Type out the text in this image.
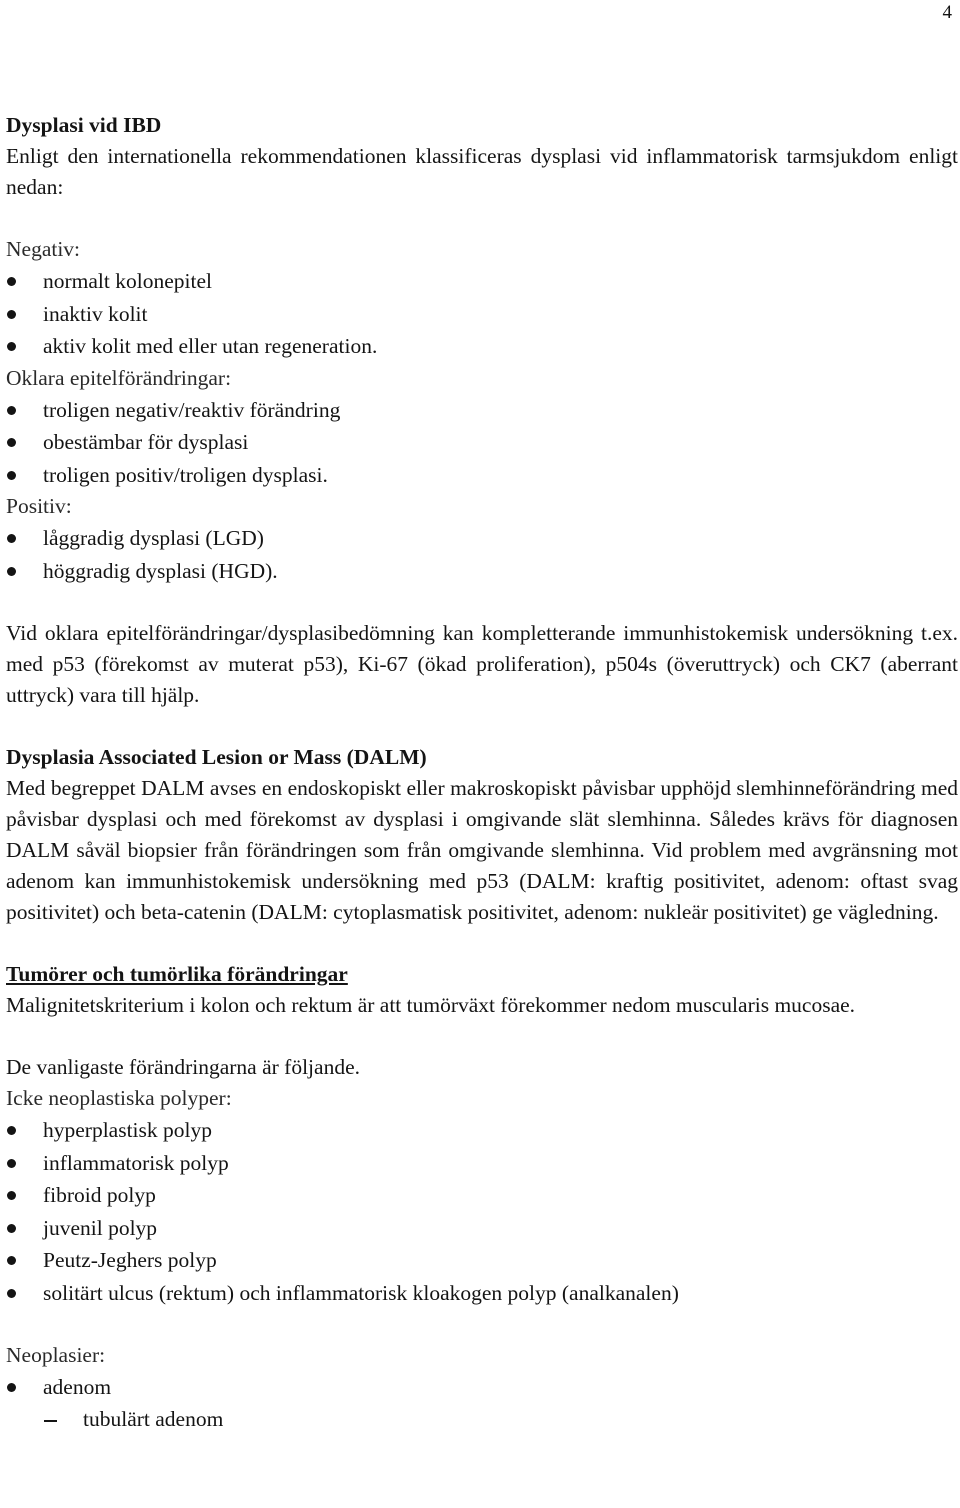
4

Dysplasi vid IBD

Enligt den internationella rekommendationen klassificeras dysplasi vid inflammatorisk tarmsjukdom enligt nedan:

Negativ:

normalt kolonepitel
inaktiv kolit
aktiv kolit med eller utan regeneration.

Oklara epitelförändringar:

troligen negativ/reaktiv förändring
obestämbar för dysplasi
troligen positiv/troligen dysplasi.

Positiv:

låggradig dysplasi (LGD)
höggradig dysplasi (HGD).

Vid oklara epitelförändringar/dysplasibedömning kan kompletterande immunhistokemisk undersökning t.ex. med p53 (förekomst av muterat p53), Ki-67 (ökad proliferation), p504s (överuttryck) och CK7 (aberrant uttryck) vara till hjälp.

Dysplasia Associated Lesion or Mass (DALM)

Med begreppet DALM avses en endoskopiskt eller makroskopiskt påvisbar upphöjd slemhinneförändring med påvisbar dysplasi och med förekomst av dysplasi i omgivande slät slemhinna. Således krävs för diagnosen DALM såväl biopsier från förändringen som från omgivande slemhinna. Vid problem med avgränsning mot adenom kan immunhistokemisk undersökning med p53 (DALM: kraftig positivitet, adenom: oftast svag positivitet) och beta-catenin (DALM: cytoplasmatisk positivitet, adenom: nukleär positivitet) ge vägledning.

Tumörer och tumörlika förändringar

Malignitetskriterium i kolon och rektum är att tumörväxt förekommer nedom muscularis mucosae.

De vanligaste förändringarna är följande.

Icke neoplastiska polyper:

hyperplastisk polyp
inflammatorisk polyp
fibroid polyp
juvenil polyp
Peutz-Jeghers polyp
solitärt ulcus (rektum) och inflammatorisk kloakogen polyp (analkanalen)

Neoplasier:

adenom
tubulärt adenom
